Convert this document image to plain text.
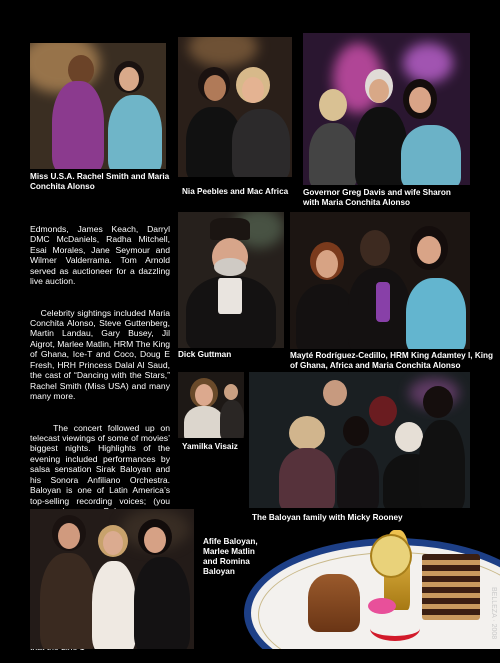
Miss U.S.A. Rachel Smith and Maria
Conchita Alonso
Nia Peebles and Mac Africa Governor Greg Davis and wife Sharon
with Maria Conchita Alonso

Edmonds, James Keach, Darryl DMC McDaniels, Radha Mitchell, Esai Morales, Jane Seymour and Wilmer Valderrama. Tom Arnold served as auctioneer for a dazzling live auction.

Celebrity sightings included Maria Conchita Alonso, Steve Guttenberg, Martin Landau, Gary Busey, Jil Aigrot, Marlee Matlin, HRM The King of Ghana, Ice-T and Coco, Doug E Fresh, HRH Princess Dalal Al Saud, the cast of “Dancing with the Stars,” Rachel Smith (Miss USA) and many many more.

The concert followed up on telecast viewings of some of movies’ biggest nights. Highlights of the evening included performances by salsa sensation Sirak Baloyan and his Sonora Anfiliano Orchestra. Baloyan is one of Latin America’s top-selling recording voices; (you

Dick Guttman	Mayté Rodríguez-Cedillo, HRM King Adamtey I, King
of Ghana, Africa and Maria Conchita Alonso
Yamilka Visaiz
The Baloyan family with Micky Rooney
Afife Baloyan,
Marlee Matlin
and Romina
Baloyan
BELLEZA · 2008
